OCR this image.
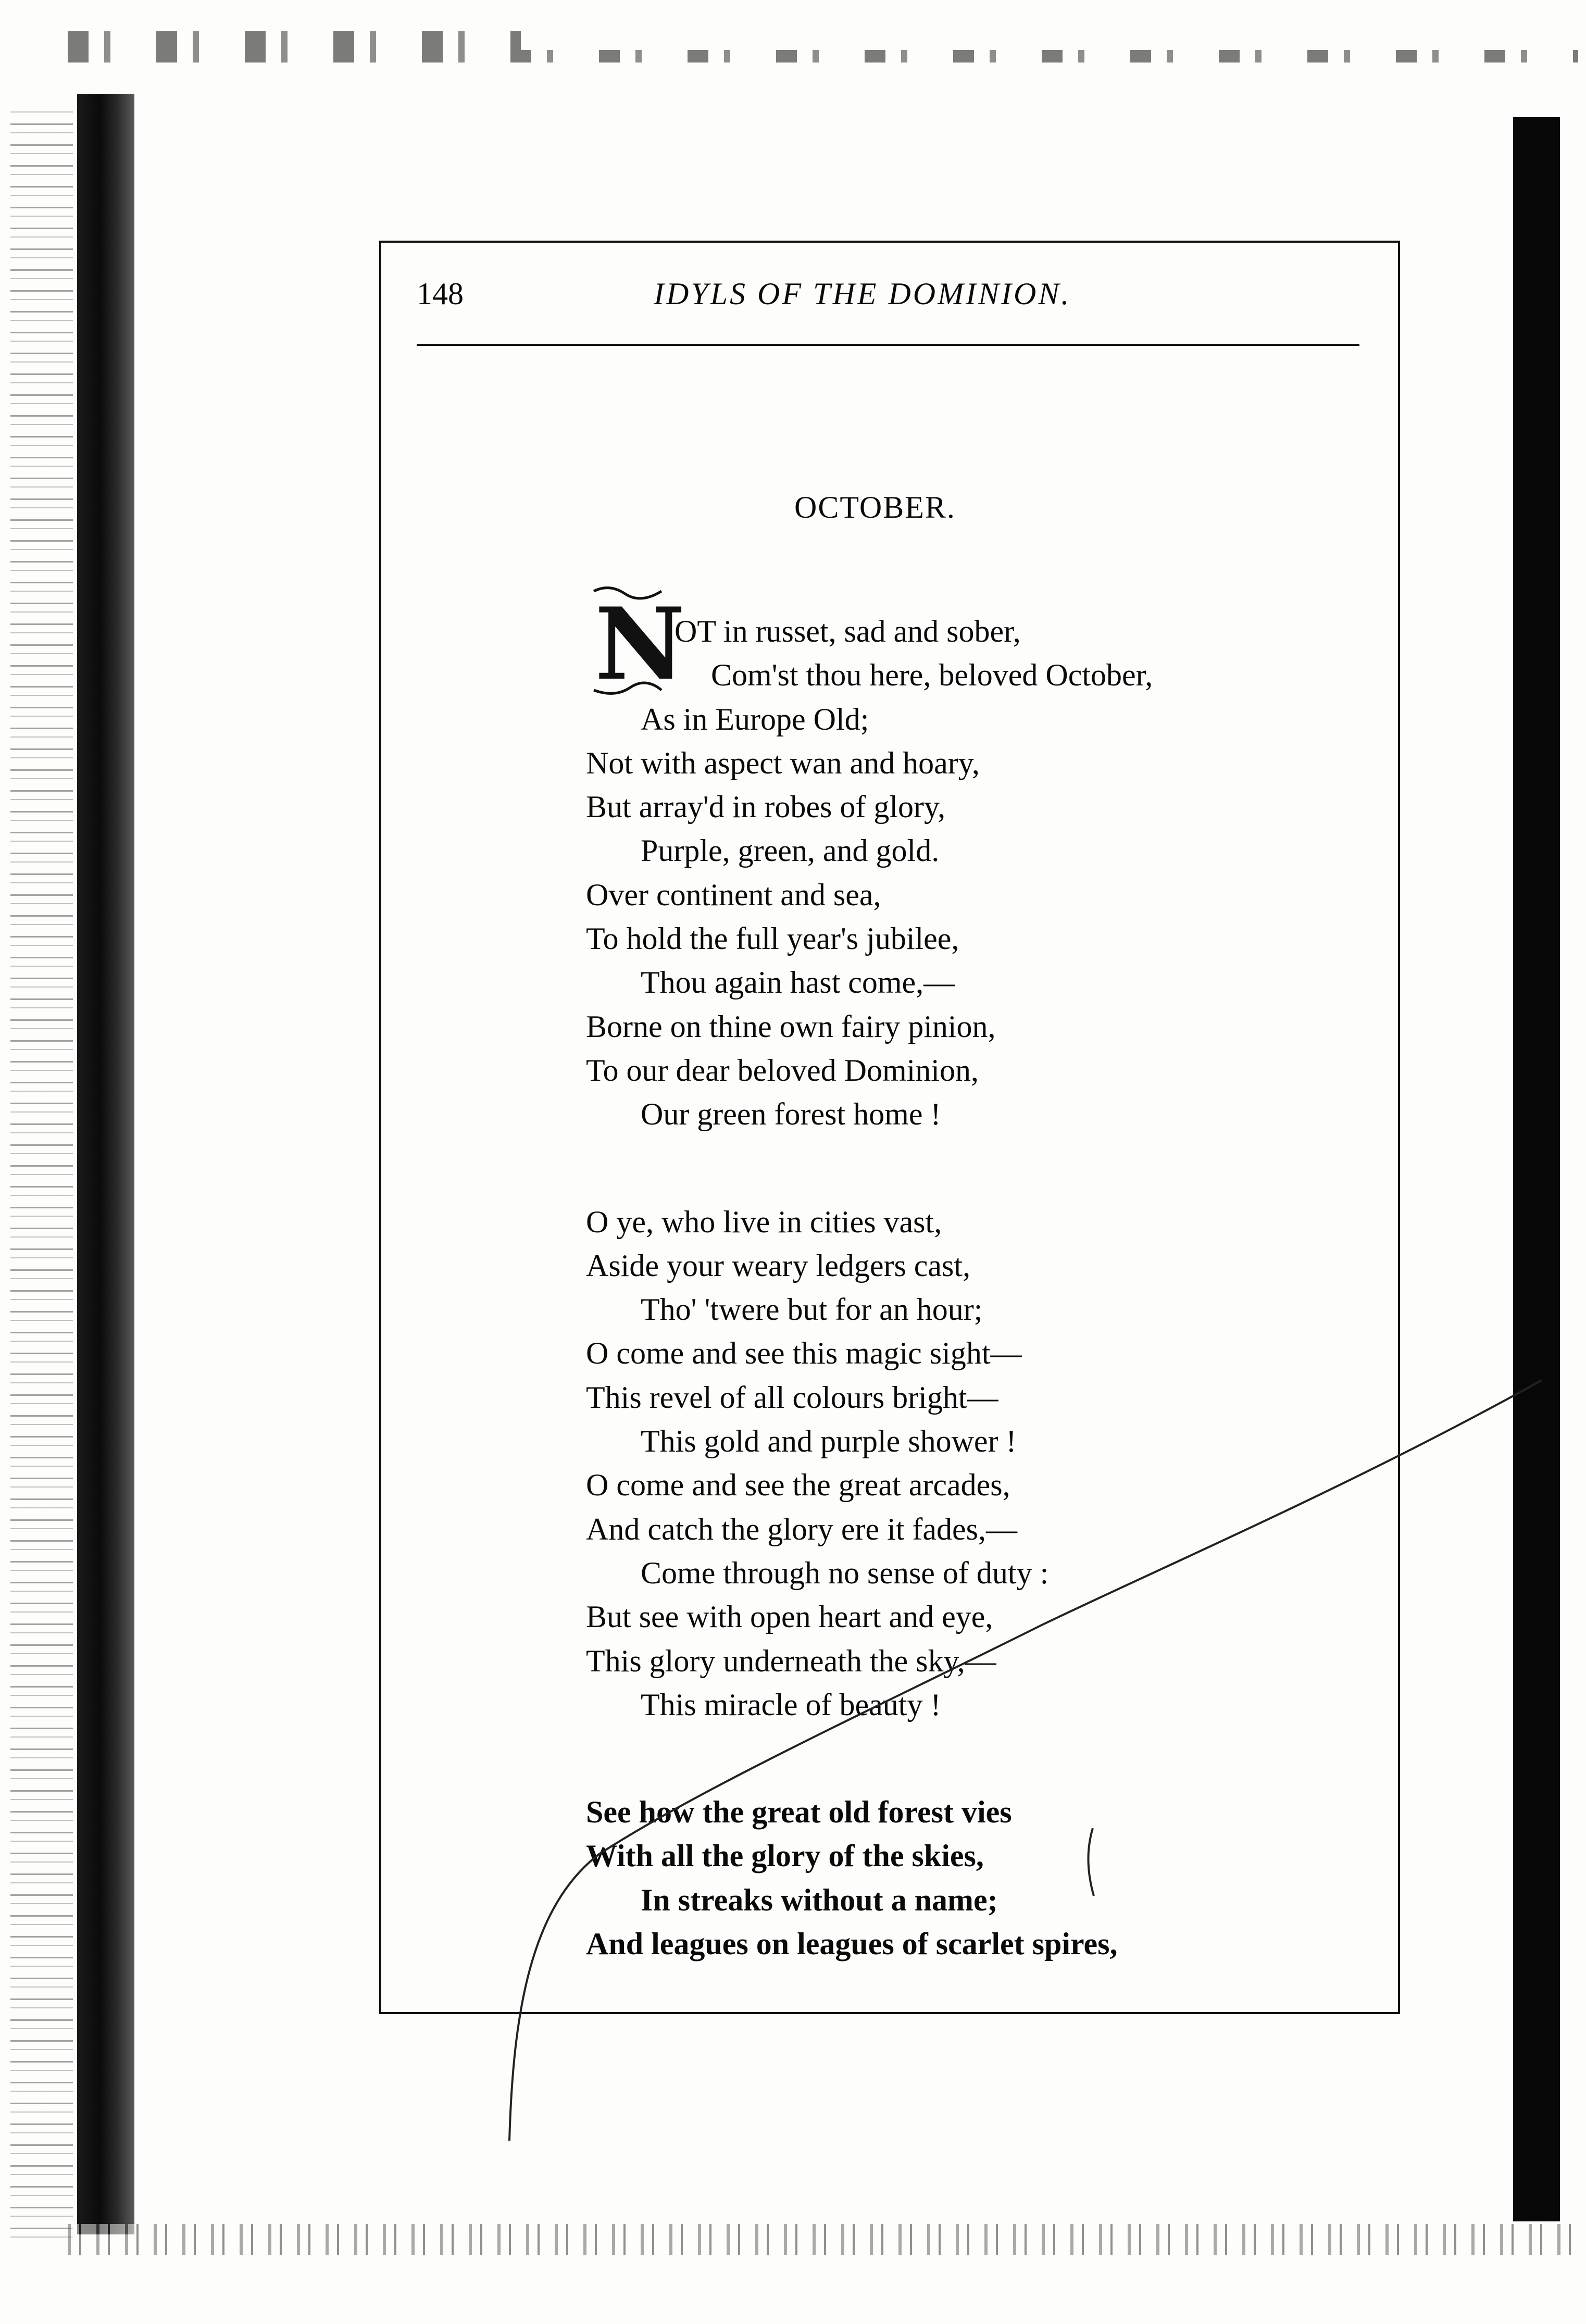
148	IDYLS OF THE DOMINION.
OCTOBER.
N
OT in russet, sad and sober,
Com'st thou here, beloved October,
As in Europe Old;
Not with aspect wan and hoary,
But array'd in robes of glory,
Purple, green, and gold.
Over continent and sea,
To hold the full year's jubilee,
Thou again hast come,—
Borne on thine own fairy pinion,
To our dear beloved Dominion,
Our green forest home !
O ye, who live in cities vast,
Aside your weary ledgers cast,
Tho' 'twere but for an hour;
O come and see this magic sight—
This revel of all colours bright—
This gold and purple shower !
O come and see the great arcades,
And catch the glory ere it fades,—
Come through no sense of duty :
But see with open heart and eye,
This glory underneath the sky,—
This miracle of beauty !
See how the great old forest vies
With all the glory of the skies,
In streaks without a name;
And leagues on leagues of scarlet spires,
